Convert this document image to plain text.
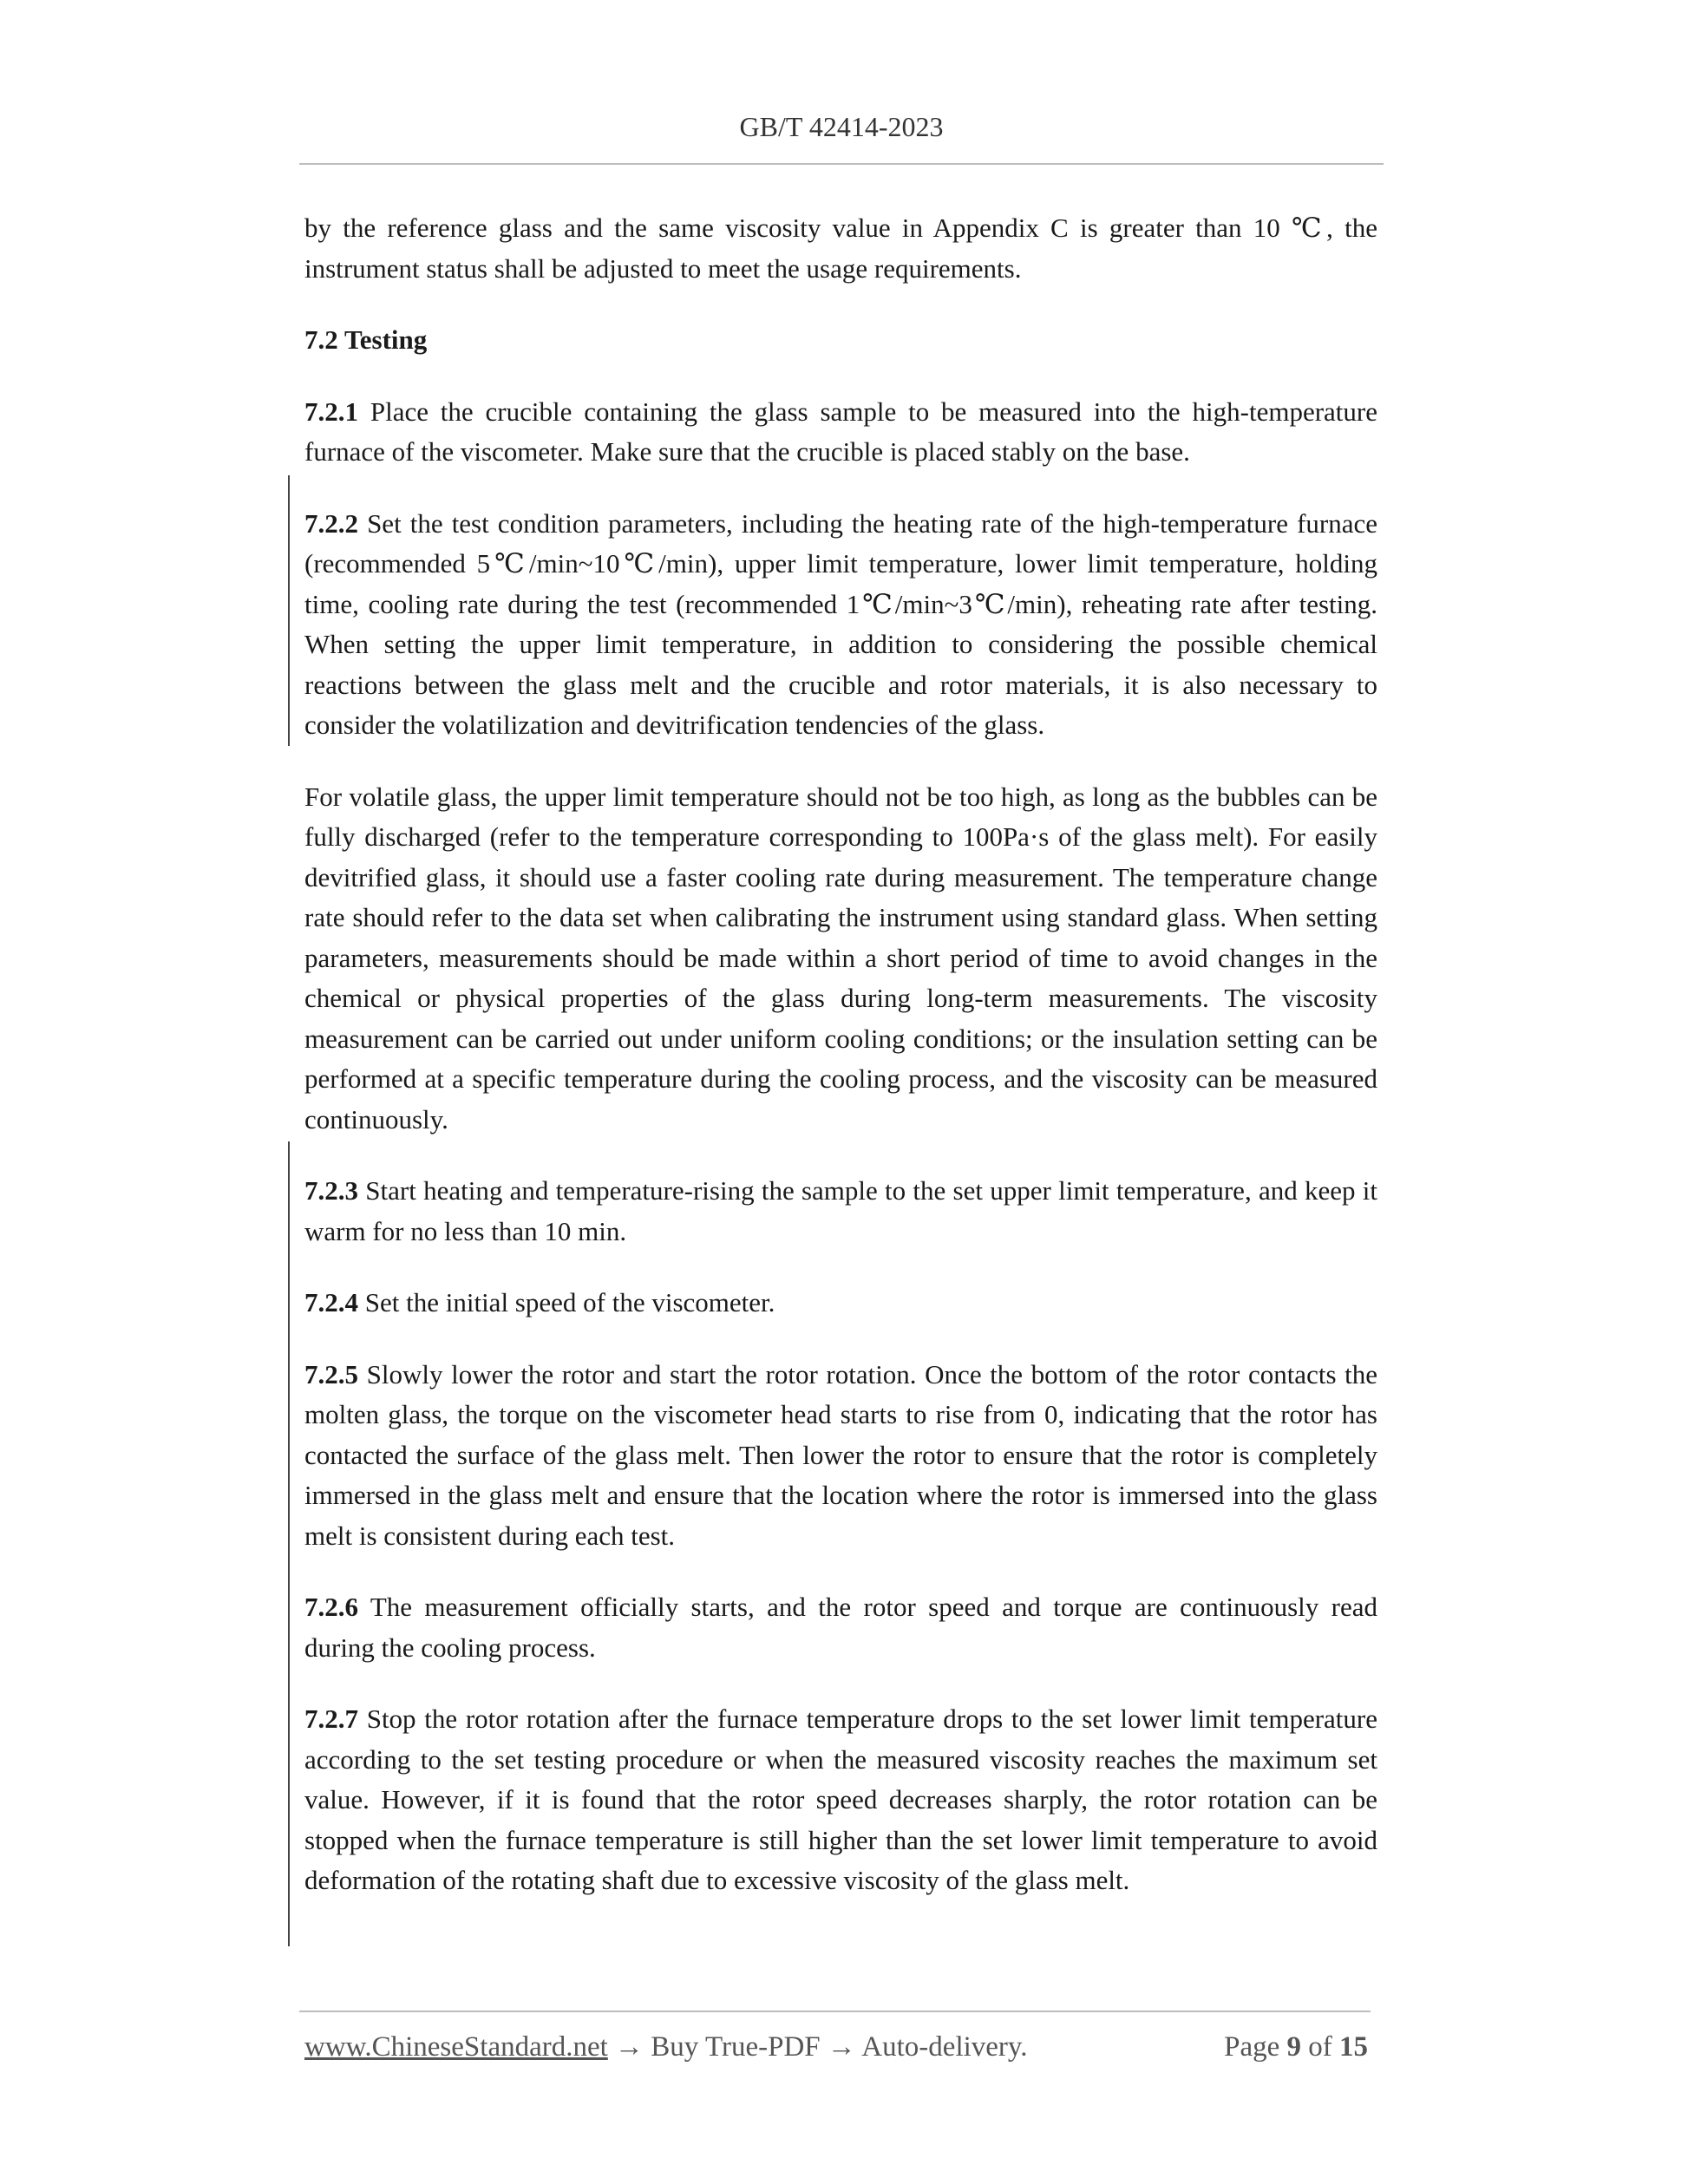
GB/T 42414-2023

by the reference glass and the same viscosity value in Appendix C is greater than 10 ℃, the instrument status shall be adjusted to meet the usage requirements.

7.2 Testing

7.2.1 Place the crucible containing the glass sample to be measured into the high-temperature furnace of the viscometer. Make sure that the crucible is placed stably on the base.

7.2.2 Set the test condition parameters, including the heating rate of the high-temperature furnace (recommended 5℃/min~10℃/min), upper limit temperature, lower limit temperature, holding time, cooling rate during the test (recommended 1℃/min~3℃/min), reheating rate after testing. When setting the upper limit temperature, in addition to considering the possible chemical reactions between the glass melt and the crucible and rotor materials, it is also necessary to consider the volatilization and devitrification tendencies of the glass.

For volatile glass, the upper limit temperature should not be too high, as long as the bubbles can be fully discharged (refer to the temperature corresponding to 100Pa·s of the glass melt). For easily devitrified glass, it should use a faster cooling rate during measurement. The temperature change rate should refer to the data set when calibrating the instrument using standard glass. When setting parameters, measurements should be made within a short period of time to avoid changes in the chemical or physical properties of the glass during long-term measurements. The viscosity measurement can be carried out under uniform cooling conditions; or the insulation setting can be performed at a specific temperature during the cooling process, and the viscosity can be measured continuously.

7.2.3 Start heating and temperature-rising the sample to the set upper limit temperature, and keep it warm for no less than 10 min.

7.2.4 Set the initial speed of the viscometer.

7.2.5 Slowly lower the rotor and start the rotor rotation. Once the bottom of the rotor contacts the molten glass, the torque on the viscometer head starts to rise from 0, indicating that the rotor has contacted the surface of the glass melt. Then lower the rotor to ensure that the rotor is completely immersed in the glass melt and ensure that the location where the rotor is immersed into the glass melt is consistent during each test.

7.2.6 The measurement officially starts, and the rotor speed and torque are continuously read during the cooling process.

7.2.7 Stop the rotor rotation after the furnace temperature drops to the set lower limit temperature according to the set testing procedure or when the measured viscosity reaches the maximum set value. However, if it is found that the rotor speed decreases sharply, the rotor rotation can be stopped when the furnace temperature is still higher than the set lower limit temperature to avoid deformation of the rotating shaft due to excessive viscosity of the glass melt.

www.ChineseStandard.net → Buy True-PDF → Auto-delivery.	Page 9 of 15
